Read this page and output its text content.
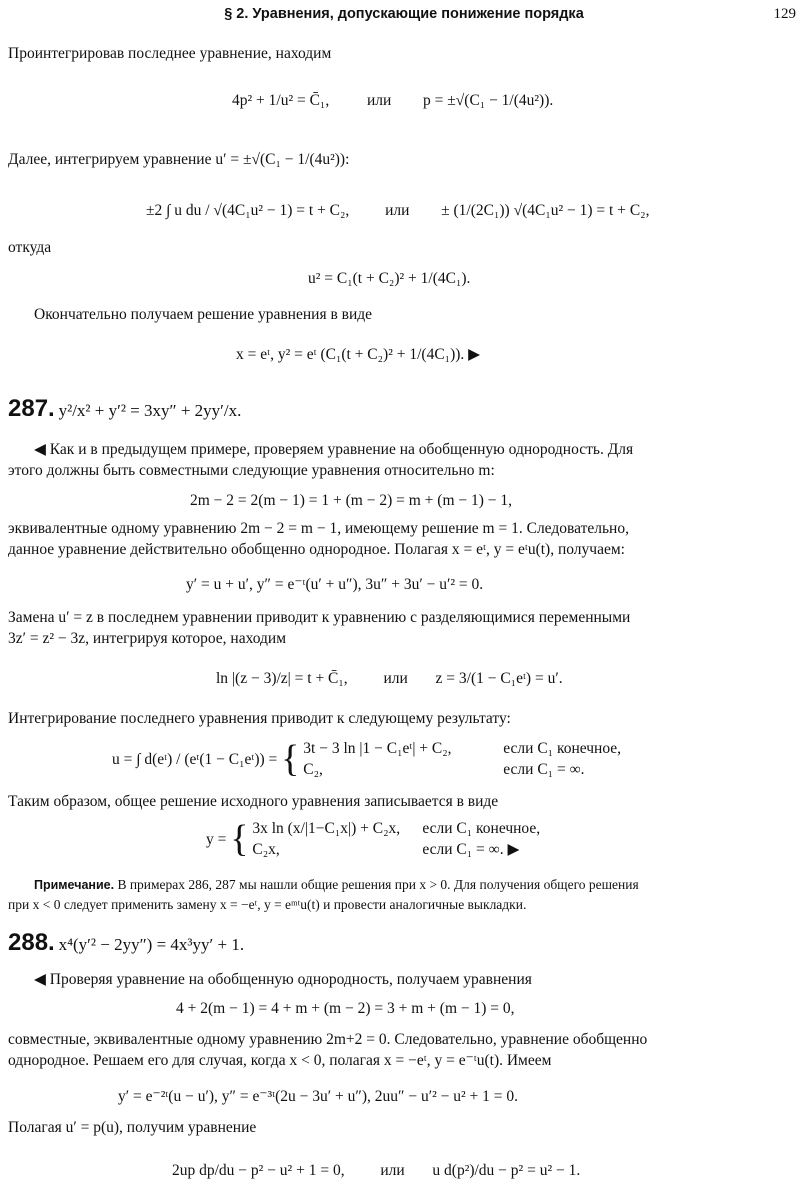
§ 2. Уравнения, допускающие понижение порядка	129
Проинтегрировав последнее уравнение, находим
4p² + 1/u² = C̄₁, или p = ±√(C₁ − 1/(4u²)).
Далее, интегрируем уравнение u′ = ±√(C₁ − 1/(4u²)):
±2 ∫ u du / √(4C₁u² − 1) = t + C₂, или ± (1/(2C₁)) √(4C₁u² − 1) = t + C₂,
откуда
u² = C₁(t + C₂)² + 1/(4C₁).
Окончательно получаем решение уравнения в виде
x = eᵗ, y² = eᵗ (C₁(t + C₂)² + 1/(4C₁)). ▶
287. y²/x² + y′² = 3xy″ + 2yy′/x.
◀ Как и в предыдущем примере, проверяем уравнение на обобщенную однородность. Для
этого должны быть совместными следующие уравнения относительно m:
2m − 2 = 2(m − 1) = 1 + (m − 2) = m + (m − 1) − 1,
эквивалентные одному уравнению 2m − 2 = m − 1, имеющему решение m = 1. Следовательно,
данное уравнение действительно обобщенно однородное. Полагая x = eᵗ, y = eᵗu(t), получаем:
y′ = u + u′, y″ = e⁻ᵗ(u′ + u″), 3u″ + 3u′ − u′² = 0.
Замена u′ = z в последнем уравнении приводит к уравнению с разделяющимися переменными
3z′ = z² − 3z, интегрируя которое, находим
ln |(z − 3)/z| = t + C̄₁, или z = 3/(1 − C₁eᵗ) = u′.
Интегрирование последнего уравнения приводит к следующему результату:
u = ∫ d(eᵗ) / (eᵗ(1 − C₁eᵗ)) = { 3t − 3 ln |1 − C₁eᵗ| + C₂,	если C₁ конечное,
C₂,	если C₁ = ∞.
Таким образом, общее решение исходного уравнения записывается в виде
y = { 3x ln (x/|1−C₁x|) + C₂x, если C₁ конечное,
C₂x,	если C₁ = ∞. ▶
Примечание. В примерах 286, 287 мы нашли общие решения при x > 0. Для получения общего решения
при x < 0 следует применить замену x = −eᵗ, y = eᵐᵗu(t) и провести аналогичные выкладки.
288. x⁴(y′² − 2yy″) = 4x³yy′ + 1.
◀ Проверяя уравнение на обобщенную однородность, получаем уравнения
4 + 2(m − 1) = 4 + m + (m − 2) = 3 + m + (m − 1) = 0,
совместные, эквивалентные одному уравнению 2m+2 = 0. Следовательно, уравнение обобщенно
однородное. Решаем его для случая, когда x < 0, полагая x = −eᵗ, y = e⁻ᵗu(t). Имеем
y′ = e⁻²ᵗ(u − u′), y″ = e⁻³ᵗ(2u − 3u′ + u″), 2uu″ − u′² − u² + 1 = 0.
Полагая u′ = p(u), получим уравнение
2up dp/du − p² − u² + 1 = 0, или u d(p²)/du − p² = u² − 1.
